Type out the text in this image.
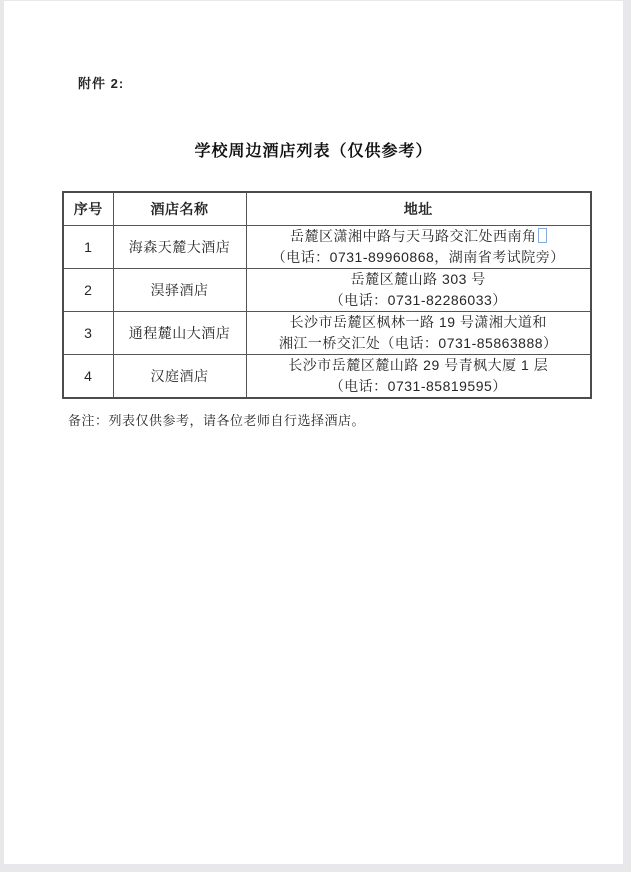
附件 2:
学校周边酒店列表（仅供参考）
序号	酒店名称	地址
1	海森天麓大酒店	岳麓区潇湘中路与天马路交汇处西南角
（电话：0731-89960868，湖南省考试院旁）

2	淏驿酒店	岳麓区麓山路 303 号
（电话：0731-82286033）

3	通程麓山大酒店	长沙市岳麓区枫林一路 19 号潇湘大道和
湘江一桥交汇处（电话：0731-85863888）

4	汉庭酒店	长沙市岳麓区麓山路 29 号青枫大厦 1 层
（电话：0731-85819595）
备注：列表仅供参考，请各位老师自行选择酒店。
